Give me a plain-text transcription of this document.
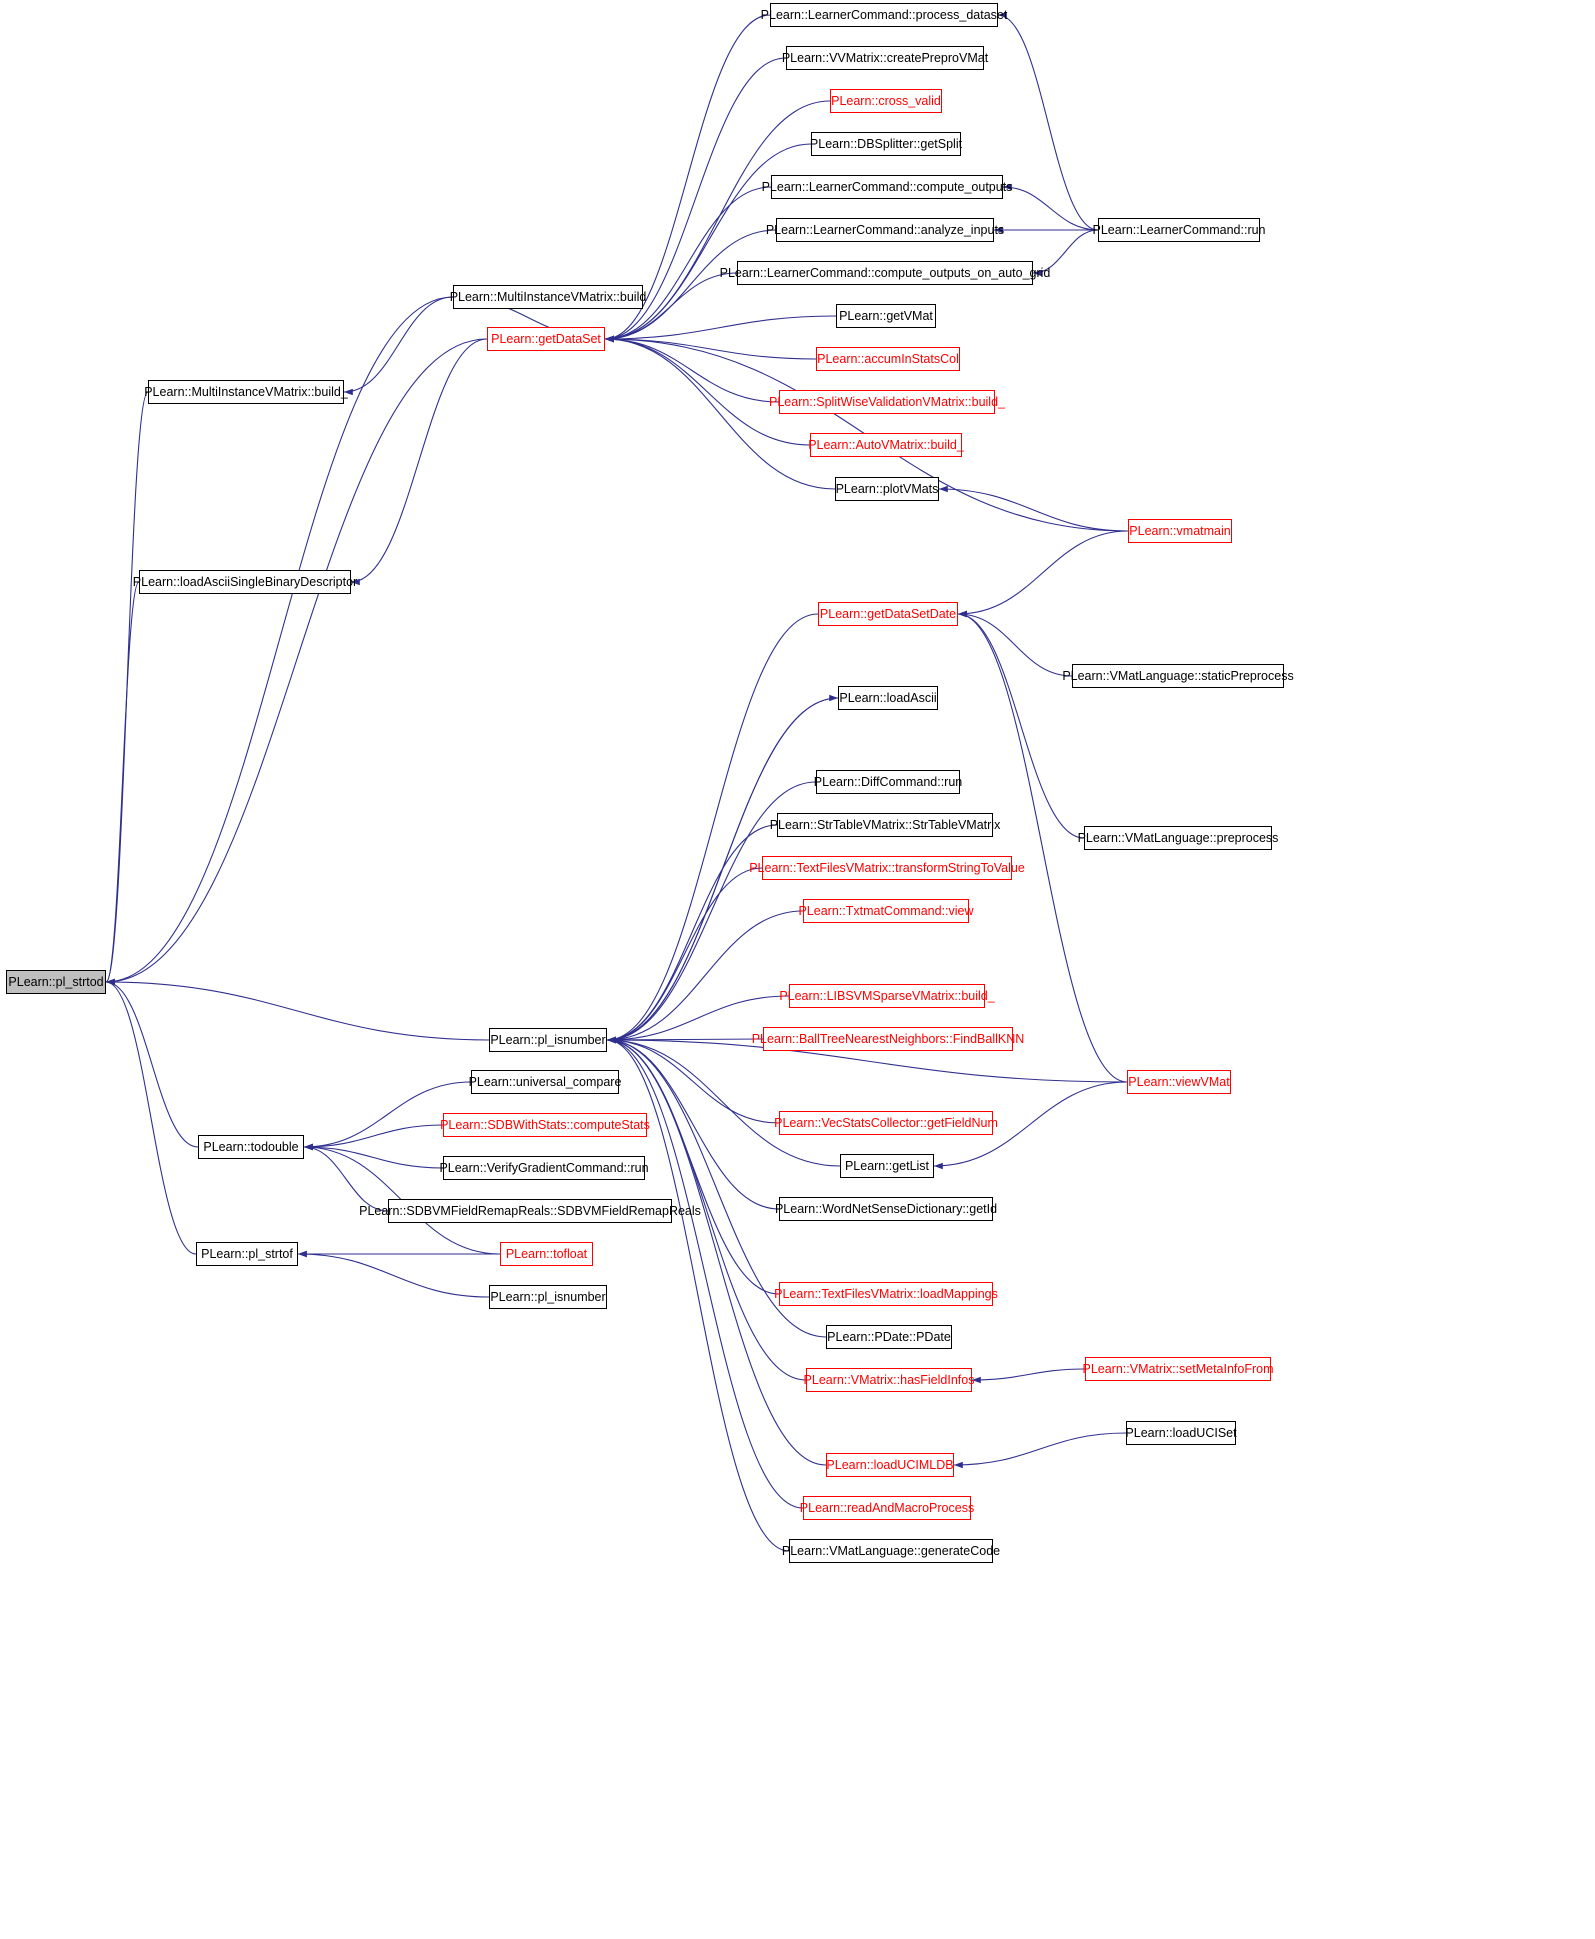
PLearn::pl_strtod
PLearn::MultiInstanceVMatrix::build
PLearn::MultiInstanceVMatrix::build_
PLearn::loadAsciiSingleBinaryDescriptor
PLearn::getDataSet
PLearn::LearnerCommand::process_dataset
PLearn::VVMatrix::createPreproVMat
PLearn::cross_valid
PLearn::DBSplitter::getSplit
PLearn::LearnerCommand::compute_outputs
PLearn::LearnerCommand::analyze_inputs
PLearn::LearnerCommand::compute_outputs_on_auto_grid
PLearn::LearnerCommand::run
PLearn::getVMat
PLearn::accumInStatsCol
PLearn::SplitWiseValidationVMatrix::build_
PLearn::AutoVMatrix::build_
PLearn::plotVMats
PLearn::vmatmain
PLearn::getDataSetDate
PLearn::VMatLanguage::staticPreprocess
PLearn::VMatLanguage::preprocess
PLearn::loadAscii
PLearn::DiffCommand::run
PLearn::StrTableVMatrix::StrTableVMatrix
PLearn::TextFilesVMatrix::transformStringToValue
PLearn::TxtmatCommand::view
PLearn::LIBSVMSparseVMatrix::build_
PLearn::BallTreeNearestNeighbors::FindBallKNN
PLearn::pl_isnumber
PLearn::viewVMat
PLearn::universal_compare
PLearn::SDBWithStats::computeStats
PLearn::VerifyGradientCommand::run
PLearn::SDBVMFieldRemapReals::SDBVMFieldRemapReals
PLearn::todouble
PLearn::tofloat
PLearn::pl_strtof
PLearn::pl_isnumber
PLearn::VecStatsCollector::getFieldNum
PLearn::getList
PLearn::WordNetSenseDictionary::getId
PLearn::TextFilesVMatrix::loadMappings
PLearn::PDate::PDate
PLearn::VMatrix::hasFieldInfos
PLearn::VMatrix::setMetaInfoFrom
PLearn::loadUCISet
PLearn::loadUCIMLDB
PLearn::readAndMacroProcess
PLearn::VMatLanguage::generateCode
